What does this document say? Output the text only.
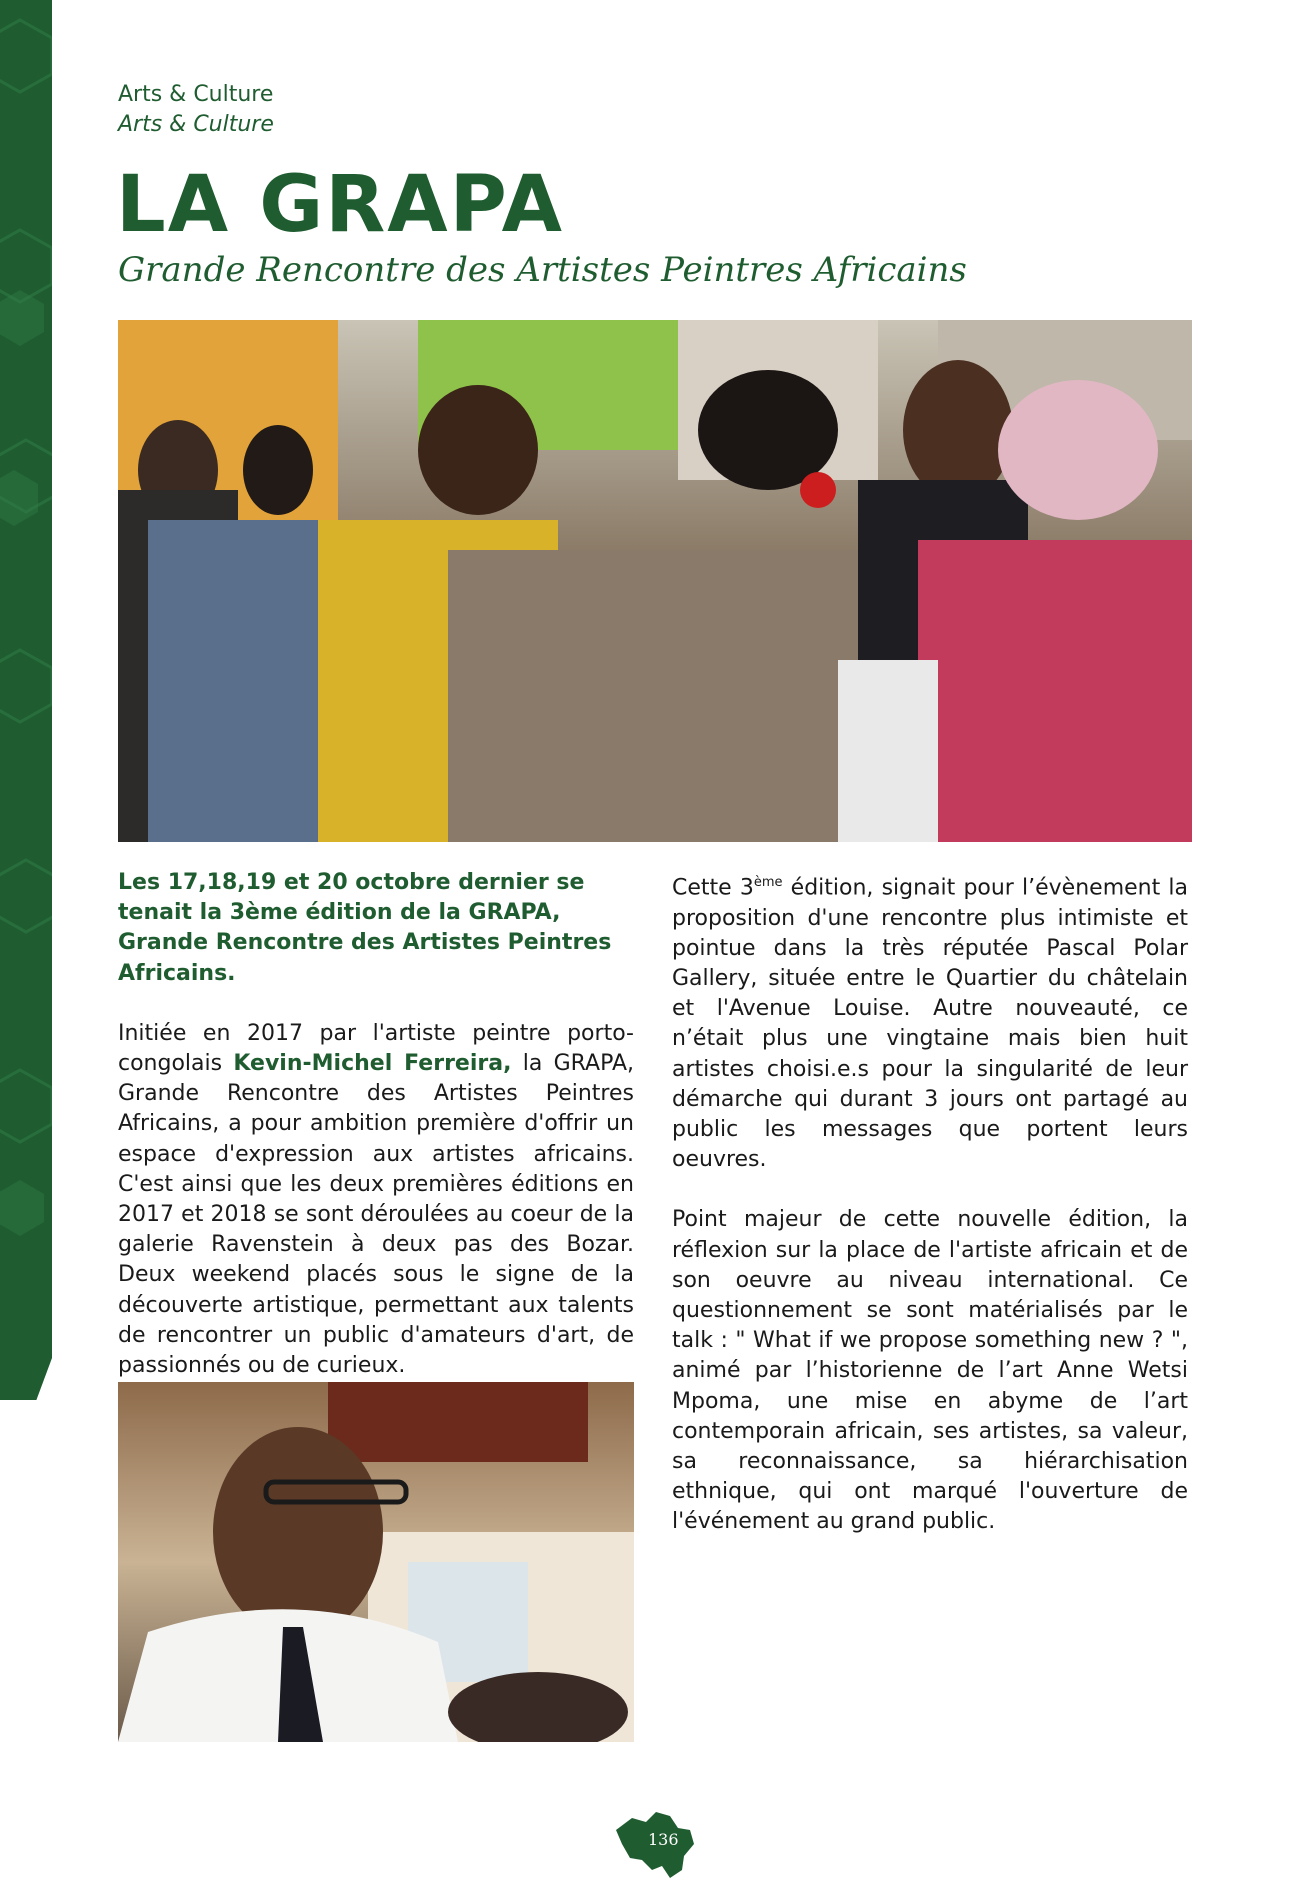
Arts & Culture
Arts & Culture
LA GRAPA
Grande Rencontre des Artistes Peintres Africains

Les 17,18,19 et 20 octobre dernier se tenait la 3ème édition de la GRAPA, Grande Rencontre des Artistes Peintres Africains.

Initiée en 2017 par l'artiste peintre porto-congolais Kevin-Michel Ferreira, la GRAPA, Grande Rencontre des Artistes Peintres Africains, a pour ambition première d'offrir un espace d'expression aux artistes africains. C'est ainsi que les deux premières éditions en 2017 et 2018 se sont déroulées au coeur de la galerie Ravenstein à deux pas des Bozar. Deux weekend placés sous le signe de la découverte artistique, permettant aux talents de rencontrer un public d'amateurs d'art, de passionnés ou de curieux.

Cette 3ème édition, signait pour l’évènement la proposition d'une rencontre plus intimiste et pointue dans la très réputée Pascal Polar Gallery, située entre le Quartier du châtelain et l'Avenue Louise. Autre nouveauté, ce n’était plus une vingtaine mais bien huit artistes choisi.e.s pour la singularité de leur démarche qui durant 3 jours ont partagé au public les messages que portent leurs oeuvres.

Point majeur de cette nouvelle édition, la réflexion sur la place de l'artiste africain et de son oeuvre au niveau international. Ce questionnement se sont matérialisés par le talk : " What if we propose something new ? ", animé par l’historienne de l’art Anne Wetsi Mpoma, une mise en abyme de l’art contemporain africain, ses artistes, sa valeur, sa reconnaissance, sa hiérarchisation ethnique, qui ont marqué l'ouverture de l'événement au grand public.

136
